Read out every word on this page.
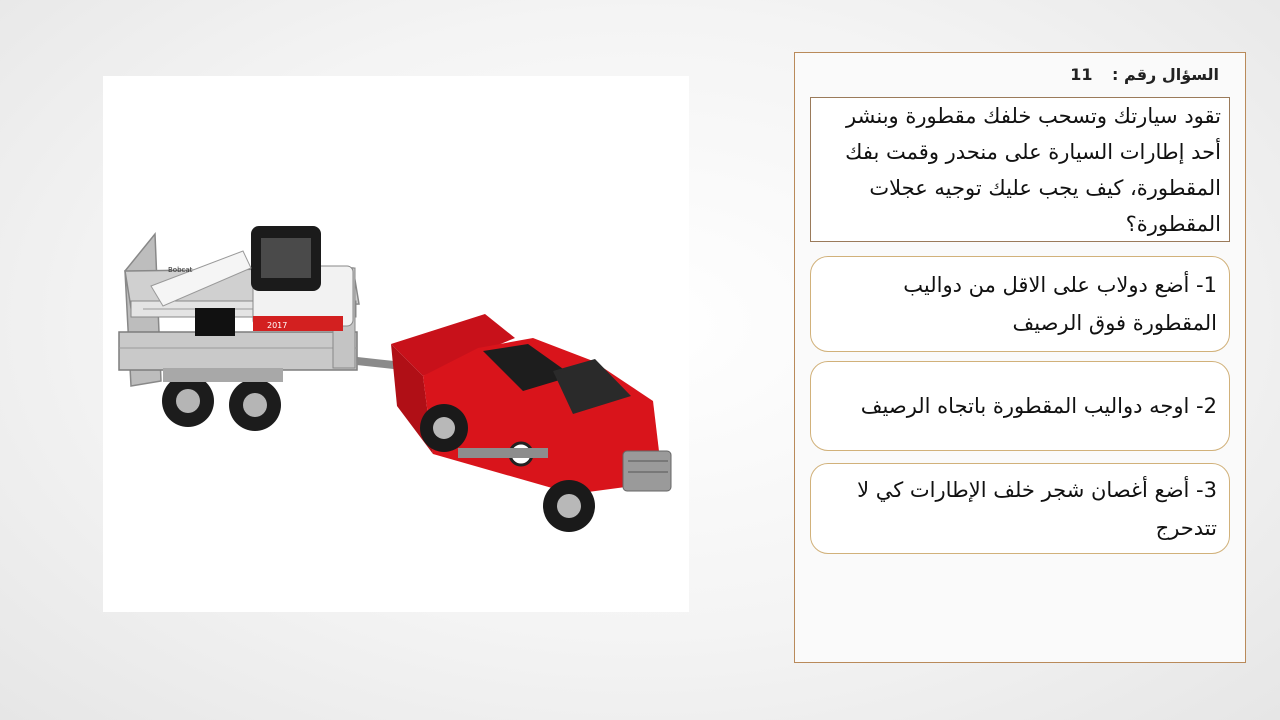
2017
Bobcat
السؤال رقم : 11
تقود سيارتك وتسحب خلفك مقطورة وبنشر أحد إطارات السيارة على منحدر وقمت بفك المقطورة، كيف يجب عليك توجيه عجلات المقطورة؟
1- أضع دولاب على الاقل من دواليب المقطورة فوق الرصيف
2- اوجه دواليب المقطورة باتجاه الرصيف
3- أضع أغصان شجر خلف الإطارات كي لا تتدحرج
